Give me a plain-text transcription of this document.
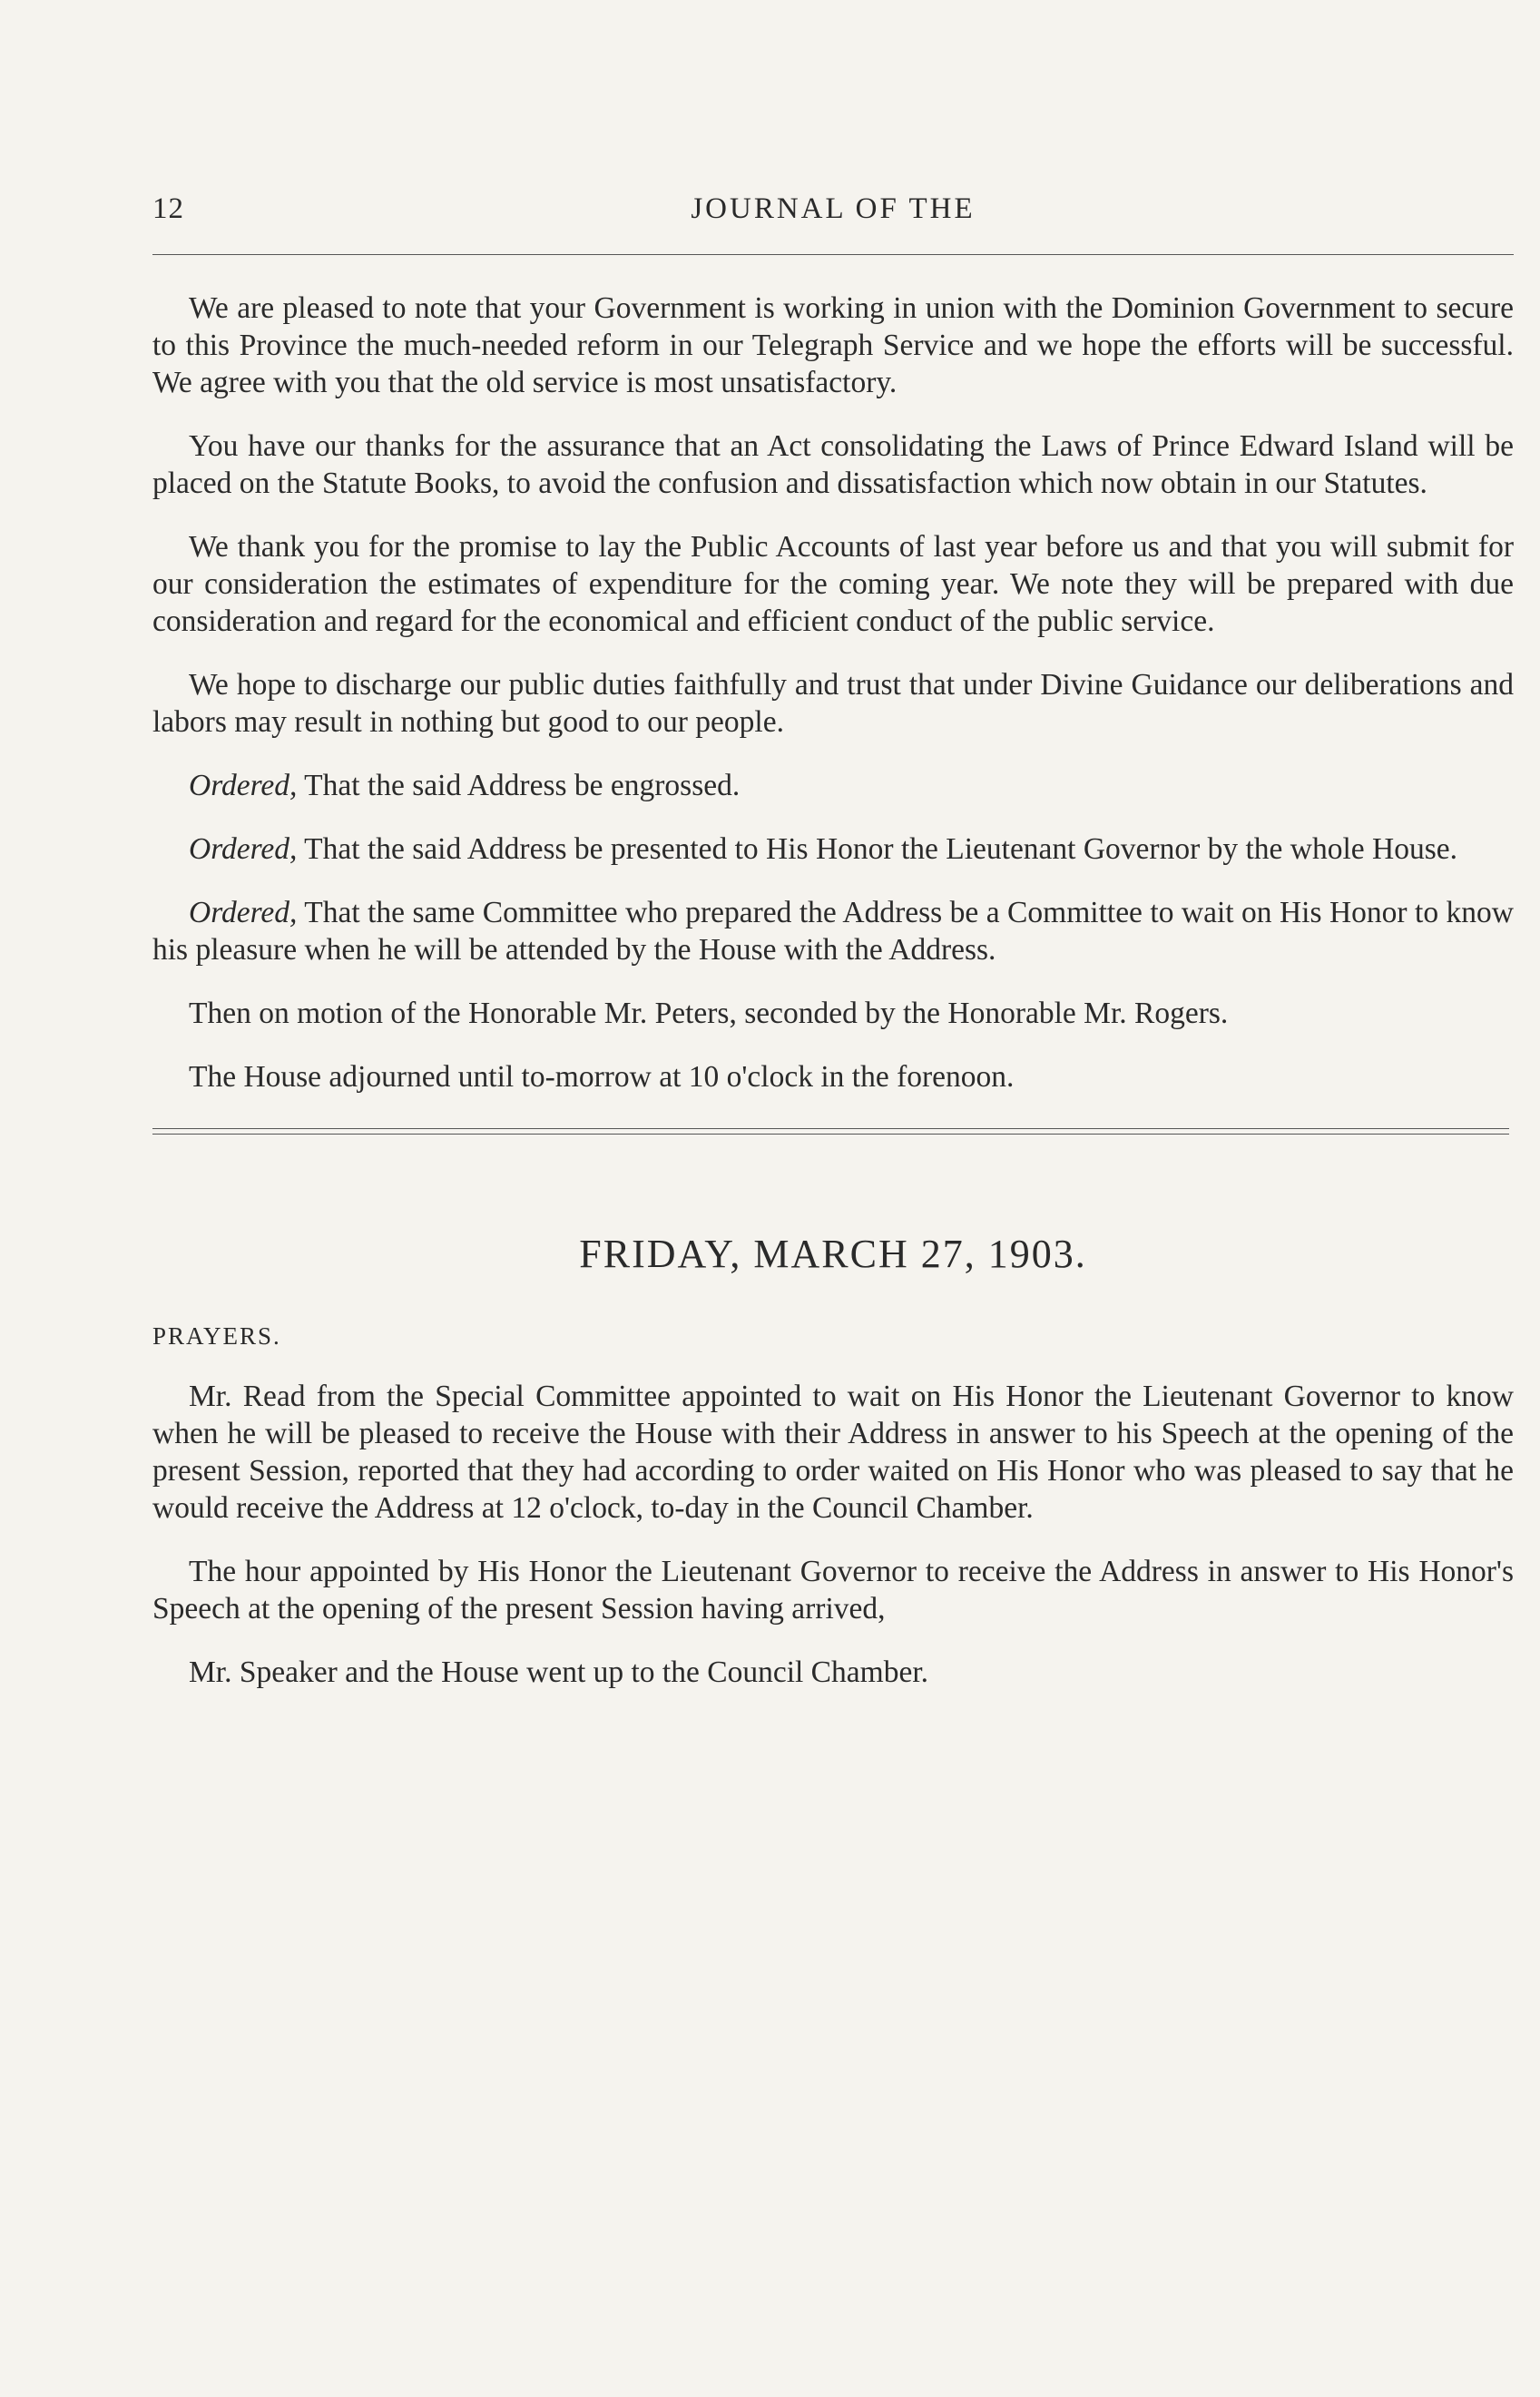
12	JOURNAL OF THE

We are pleased to note that your Government is working in union with the Dominion Government to secure to this Province the much-needed reform in our Telegraph Service and we hope the efforts will be successful. We agree with you that the old service is most unsatisfactory.

You have our thanks for the assurance that an Act consolidating the Laws of Prince Edward Island will be placed on the Statute Books, to avoid the confusion and dissatisfaction which now obtain in our Statutes.

We thank you for the promise to lay the Public Accounts of last year before us and that you will submit for our consideration the estimates of expenditure for the coming year. We note they will be prepared with due consideration and regard for the economical and efficient conduct of the public service.

We hope to discharge our public duties faithfully and trust that under Divine Guidance our deliberations and labors may result in nothing but good to our people.

Ordered, That the said Address be engrossed.

Ordered, That the said Address be presented to His Honor the Lieutenant Governor by the whole House.

Ordered, That the same Committee who prepared the Address be a Committee to wait on His Honor to know his pleasure when he will be attended by the House with the Address.

Then on motion of the Honorable Mr. Peters, seconded by the Honorable Mr. Rogers.

The House adjourned until to-morrow at 10 o'clock in the forenoon.

FRIDAY, MARCH 27, 1903.
PRAYERS.

Mr. Read from the Special Committee appointed to wait on His Honor the Lieutenant Governor to know when he will be pleased to receive the House with their Address in answer to his Speech at the opening of the present Session, reported that they had according to order waited on His Honor who was pleased to say that he would receive the Address at 12 o'clock, to-day in the Council Chamber.

The hour appointed by His Honor the Lieutenant Governor to receive the Address in answer to His Honor's Speech at the opening of the present Session having arrived,

Mr. Speaker and the House went up to the Council Chamber.
